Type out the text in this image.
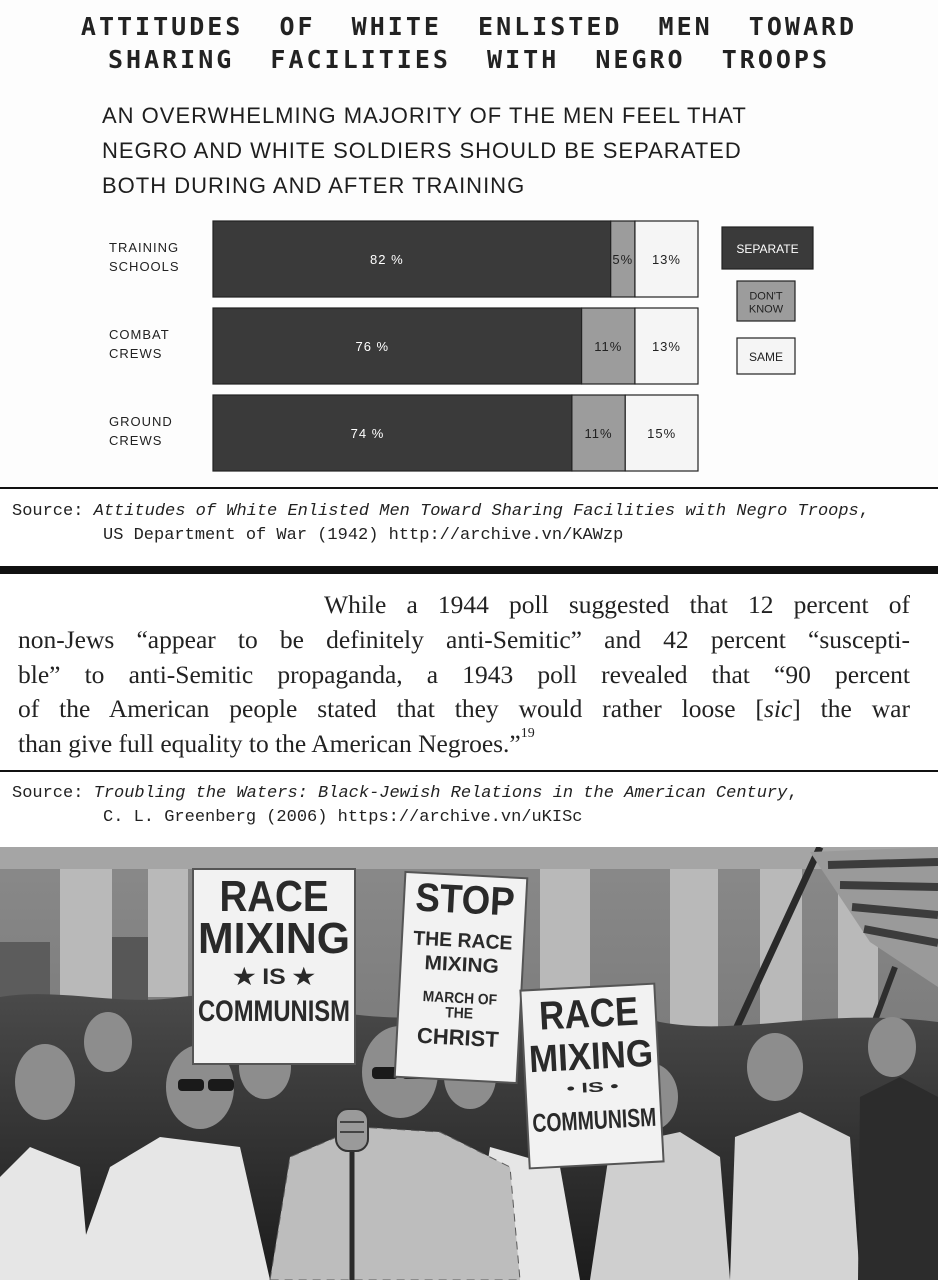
ATTITUDES  OF  WHITE  ENLISTED  MEN  TOWARD
SHARING  FACILITIES  WITH  NEGRO  TROOPS

AN OVERWHELMING MAJORITY OF THE MEN FEEL THAT
NEGRO AND WHITE SOLDIERS SHOULD BE SEPARATED
BOTH DURING AND AFTER TRAINING

TRAINING
SCHOOLS	82 %	5% 13%
COMBAT
CREWS	76 %	11% 13%
GROUND
CREWS	74 %	11%	15%
SEPARATE
DON'T
KNOW
SAME

Source: Attitudes of White Enlisted Men Toward Sharing Facilities with Negro Troops,
US Department of War (1942) http://archive.vn/KAWzp

While a 1944 poll suggested that 12 percent of
non-Jews “appear to be definitely anti-Semitic” and 42 percent “suscepti-
ble” to anti-Semitic propaganda, a 1943 poll revealed that “90 percent
of the American people stated that they would rather loose [sic] the war
than give full equality to the American Negroes.”$^{19}$

Source: Troubling the Waters: Black-Jewish Relations in the American Century,
C. L. Greenberg (2006) https://archive.vn/uKISc

RACE
MIXING
★ IS ★
COMMUNISM
STOP
THE RACE
MIXING
MARCH OF
THE
CHRIST RACE
MIXING
• IS •
COMMUNISM
